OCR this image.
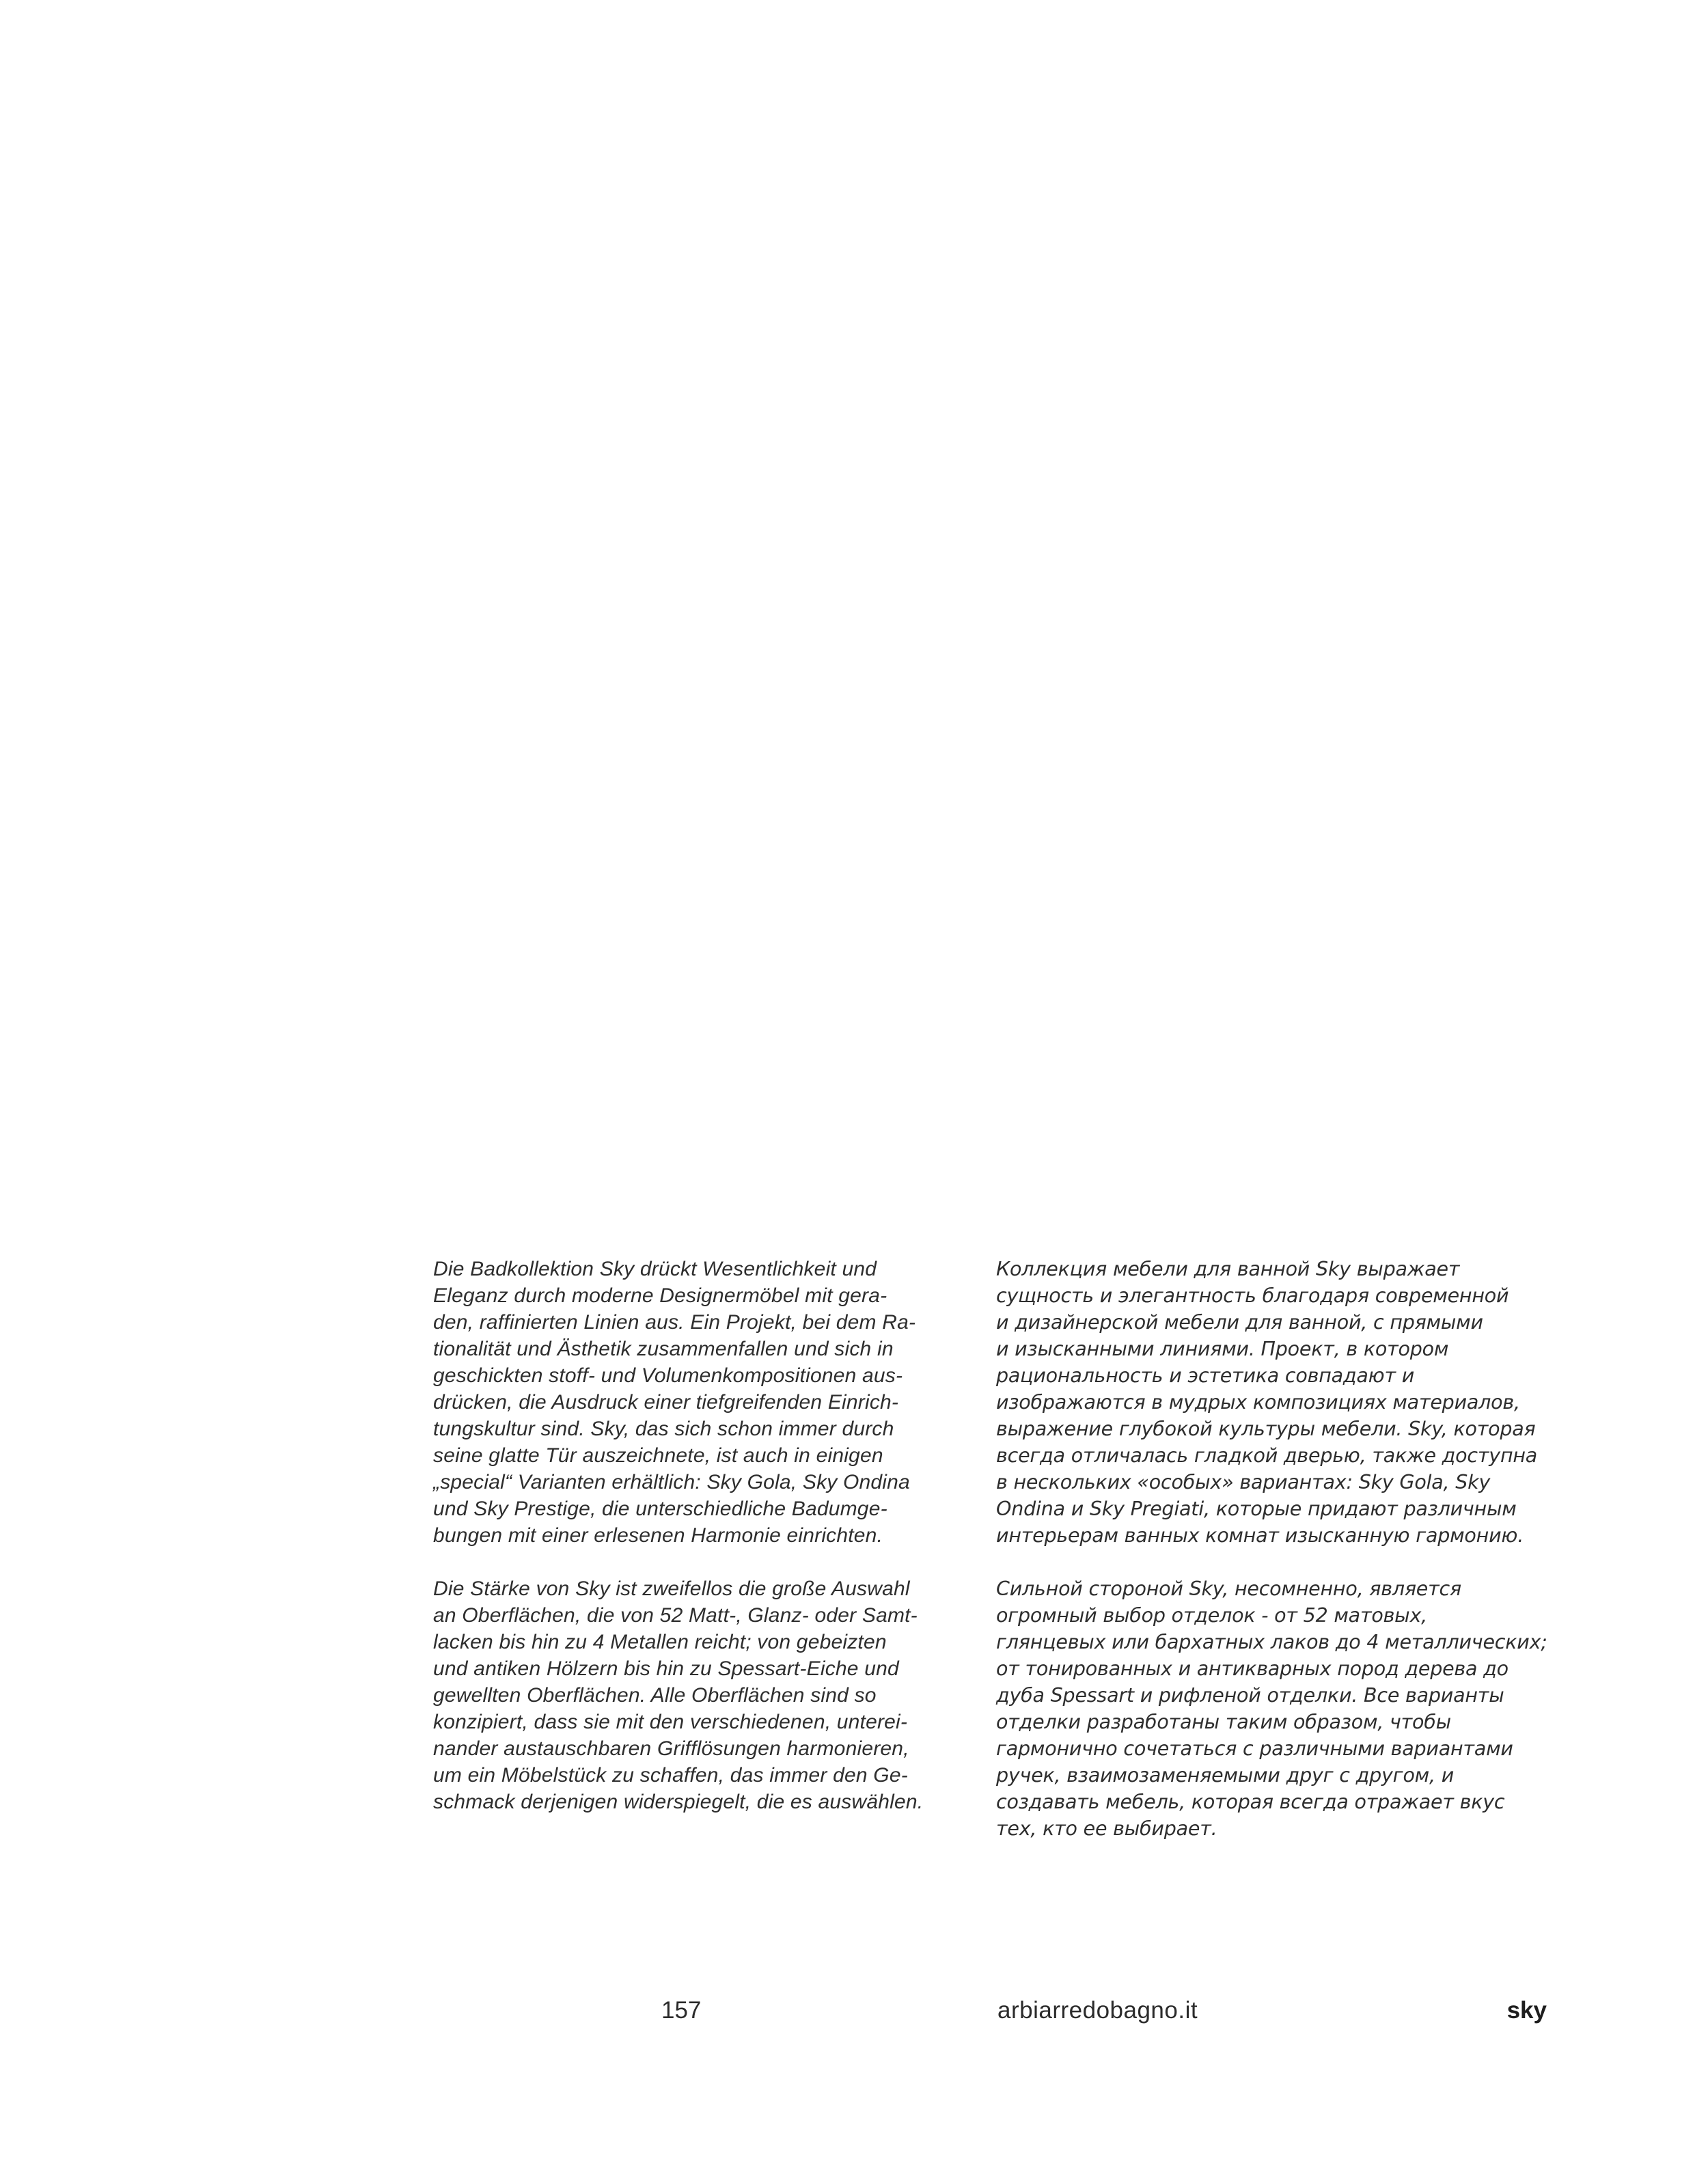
Die Badkollektion Sky drückt Wesentlichkeit und
Eleganz durch moderne Designermöbel mit gera-
den, raffinierten Linien aus. Ein Projekt, bei dem Ra-
tionalität und Ästhetik zusammenfallen und sich in
geschickten stoff- und Volumenkompositionen aus-
drücken, die Ausdruck einer tiefgreifenden Einrich-
tungskultur sind. Sky, das sich schon immer durch
seine glatte Tür auszeichnete, ist auch in einigen
„special“ Varianten erhältlich: Sky Gola, Sky Ondina
und Sky Prestige, die unterschiedliche Badumge-
bungen mit einer erlesenen Harmonie einrichten.

Die Stärke von Sky ist zweifellos die große Auswahl
an Oberflächen, die von 52 Matt-, Glanz- oder Samt-
lacken bis hin zu 4 Metallen reicht; von gebeizten
und antiken Hölzern bis hin zu Spessart-Eiche und
gewellten Oberflächen. Alle Oberflächen sind so
konzipiert, dass sie mit den verschiedenen, unterei-
nander austauschbaren Grifflösungen harmonieren,
um ein Möbelstück zu schaffen, das immer den Ge-
schmack derjenigen widerspiegelt, die es auswählen.

Коллекция мебели для ванной Sky выражает
сущность и элегантность благодаря современной
и дизайнерской мебели для ванной, с прямыми
и изысканными линиями. Проект, в котором
рациональность и эстетика совпадают и
изображаются в мудрых композициях материалов,
выражение глубокой культуры мебели. Sky, которая
всегда отличалась гладкой дверью, также доступна
в нескольких «особых» вариантах: Sky Gola, Sky
Ondina и Sky Pregiati, которые придают различным
интерьерам ванных комнат изысканную гармонию.

Сильной стороной Sky, несомненно, является
огромный выбор отделок - от 52 матовых,
глянцевых или бархатных лаков до 4 металлических;
от тонированных и антикварных пород дерева до
дуба Spessart и рифленой отделки. Все варианты
отделки разработаны таким образом, чтобы
гармонично сочетаться с различными вариантами
ручек, взаимозаменяемыми друг с другом, и
создавать мебель, которая всегда отражает вкус
тех, кто ее выбирает.

157	arbiarredobagno.it	sky
